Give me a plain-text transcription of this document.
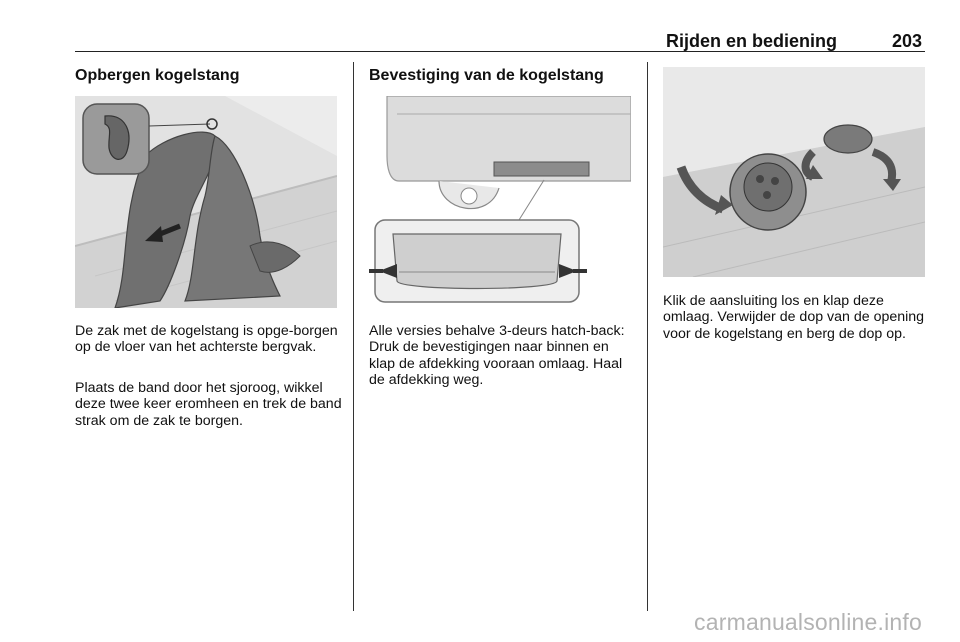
Rijden en bediening	203
Opbergen kogelstang
De zak met de kogelstang is opge-borgen op de vloer van het achterste bergvak.
Plaats de band door het sjoroog, wikkel deze twee keer eromheen en trek de band strak om de zak te borgen.
Bevestiging van de kogelstang
Alle versies behalve 3-deurs hatch-back: Druk de bevestigingen naar binnen en klap de afdekking vooraan omlaag. Haal de afdekking weg.
Klik de aansluiting los en klap deze omlaag. Verwijder de dop van de opening voor de kogelstang en berg de dop op.
carmanualsonline.info
